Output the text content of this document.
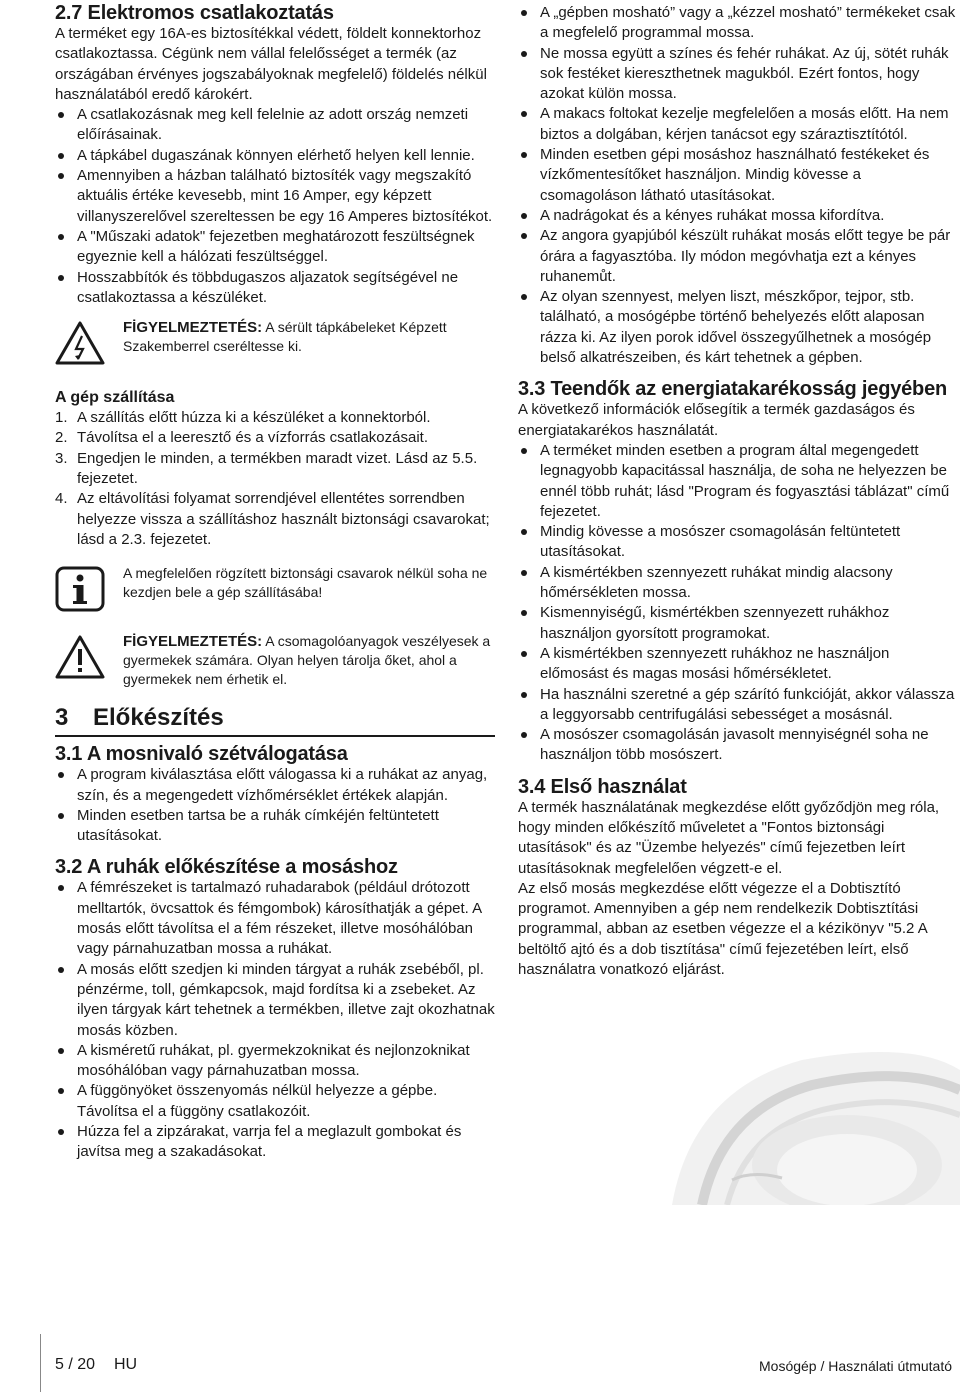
2.7 Elektromos csatlakoztatás

A terméket egy 16A-es biztosítékkal védett, földelt konnektorhoz csatlakoztassa. Cégünk nem vállal felelősséget a termék (az országában érvényes jogszabályoknak megfelelő) földelés nélkül használatából eredő károkért.

A csatlakozásnak meg kell felelnie az adott ország nemzeti előírásainak.
A tápkábel dugaszának könnyen elérhető helyen kell lennie.
Amennyiben a házban található biztosíték vagy megszakító aktuális értéke kevesebb, mint 16 Amper, egy képzett villanyszerelővel szereltessen be egy 16 Amperes biztosítékot.
A "Műszaki adatok" fejezetben meghatározott feszültségnek egyeznie kell a hálózati feszültséggel.
Hosszabbítók és többdugaszos aljazatok segítségével ne csatlakoztassa a készüléket.
FİGYELMEZTETÉS: A sérült tápkábeleket Képzett Szakemberrel cseréltesse ki.
A gép szállítása
1. A szállítás előtt húzza ki a készüléket a konnektorból.
2. Távolítsa el a leeresztő és a vízforrás csatlakozásait.
3. Engedjen le minden, a termékben maradt vizet. Lásd az 5.5. fejezetet.
4. Az eltávolítási folyamat sorrendjével ellentétes sorrendben helyezze vissza a szállításhoz használt biztonsági csavarokat; lásd a 2.3. fejezetet.
A megfelelően rögzített biztonsági csavarok nélkül soha ne kezdjen bele a gép szállításába!
FİGYELMEZTETÉS: A csomagolóanyagok veszélyesek a gyermekek számára. Olyan helyen tárolja őket, ahol a gyermekek nem érhetik el.
3 Előkészítés
3.1 A mosnivaló szétválogatása
A program kiválasztása előtt válogassa ki a ruhákat az anyag, szín, és a megengedett vízhőmérséklet értékek alapján.
Minden esetben tartsa be a ruhák címkéjén feltüntetett utasításokat.
3.2 A ruhák előkészítése a mosáshoz
A fémrészeket is tartalmazó ruhadarabok (például drótozott melltartók, övcsattok és fémgombok) károsíthatják a gépet. A mosás előtt távolítsa el a fém részeket, illetve mosóhálóban vagy párnahuzatban mossa a ruhákat.
A mosás előtt szedjen ki minden tárgyat a ruhák zsebéből, pl. pénzérme, toll, gémkapcsok, majd fordítsa ki a zsebeket. Az ilyen tárgyak kárt tehetnek a termékben, illetve zajt okozhatnak mosás közben.
A kisméretű ruhákat, pl. gyermekzoknikat és nejlonzoknikat mosóhálóban vagy párnahuzatban mossa.
A függönyöket összenyomás nélkül helyezze a gépbe. Távolítsa el a függöny csatlakozóit.
Húzza fel a zipzárakat, varrja fel a meglazult gombokat és javítsa meg a szakadásokat.
A „gépben mosható” vagy a „kézzel mosható” termékeket csak a megfelelő programmal mossa.
Ne mossa együtt a színes és fehér ruhákat. Az új, sötét ruhák sok festéket kiereszthetnek magukból. Ezért fontos, hogy azokat külön mossa.
A makacs foltokat kezelje megfelelően a mosás előtt. Ha nem biztos a dolgában, kérjen tanácsot egy száraztisztítótól.
Minden esetben gépi mosáshoz használható festékeket és vízkőmentesítőket használjon. Mindig kövesse a csomagoláson látható utasításokat.
A nadrágokat és a kényes ruhákat mossa kifordítva.
Az angora gyapjúból készült ruhákat mosás előtt tegye be pár órára a fagyasztóba. Ily módon megóvhatja ezt a kényes ruhanemůt.
Az olyan szennyest, melyen liszt, mészkőpor, tejpor, stb. található, a mosógépbe történő behelyezés előtt alaposan rázza ki. Az ilyen porok idővel összegyűlhetnek a mosógép belső alkatrészeiben, és kárt tehetnek a gépben.
3.3 Teendők az energiatakarékosság jegyében

A következő információk elősegítik a termék gazdaságos és energiatakarékos használatát.

A terméket minden esetben a program által megengedett legnagyobb kapacitással használja, de soha ne helyezzen be ennél több ruhát; lásd "Program és fogyasztási táblázat" című fejezetet.
Mindig kövesse a mosószer csomagolásán feltüntetett utasításokat.
A kismértékben szennyezett ruhákat mindig alacsony hőmérsékleten mossa.
Kismennyiségű, kismértékben szennyezett ruhákhoz használjon gyorsított programokat.
A kismértékben szennyezett ruhákhoz ne használjon előmosást és magas mosási hőmérsékletet.
Ha használni szeretné a gép szárító funkcióját, akkor válassza a leggyorsabb centrifugálási sebességet a mosásnál.
A mosószer csomagolásán javasolt mennyiségnél soha ne használjon több mosószert.
3.4 Első használat

A termék használatának megkezdése előtt győződjön meg róla, hogy minden előkészítő műveletet a "Fontos biztonsági utasítások" és az "Üzembe helyezés" című fejezetben leírt utasításoknak megfelelően végzett-e el.

Az első mosás megkezdése előtt végezze el a Dobtisztító programot. Amennyiben a gép nem rendelkezik Dobtisztítási programmal, abban az esetben végezze el a kézikönyv "5.2 A beltöltő ajtó és a dob tisztítása" című fejezetében leírt, első használatra vonatkozó eljárást.

5 / 20 HU	Mosógép / Használati útmutató
